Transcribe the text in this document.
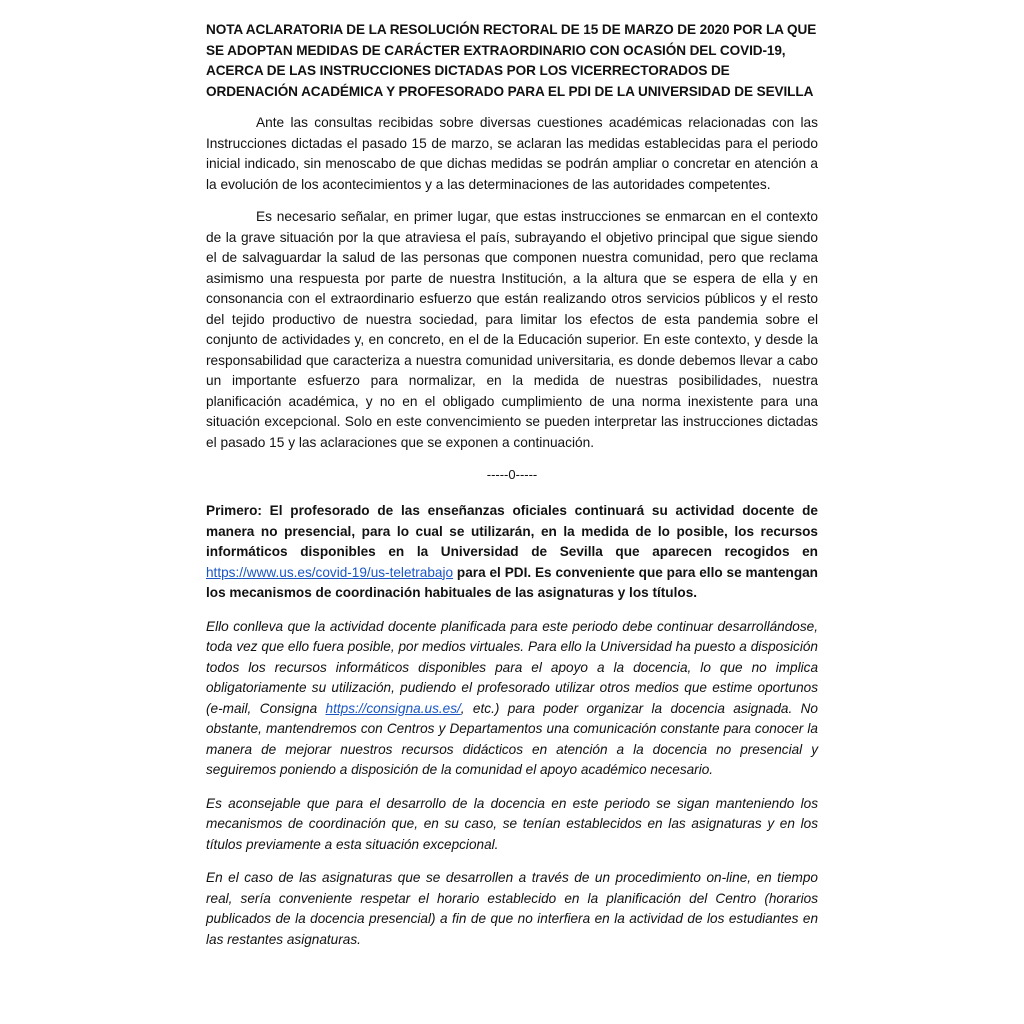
NOTA ACLARATORIA DE LA RESOLUCIÓN RECTORAL DE 15 DE MARZO DE 2020 POR LA QUE SE ADOPTAN MEDIDAS DE CARÁCTER EXTRAORDINARIO CON OCASIÓN DEL COVID-19, ACERCA DE LAS INSTRUCCIONES DICTADAS POR LOS VICERRECTORADOS DE ORDENACIÓN ACADÉMICA Y PROFESORADO PARA EL PDI DE LA UNIVERSIDAD DE SEVILLA

Ante las consultas recibidas sobre diversas cuestiones académicas relacionadas con las Instrucciones dictadas el pasado 15 de marzo, se aclaran las medidas establecidas para el periodo inicial indicado, sin menoscabo de que dichas medidas se podrán ampliar o concretar en atención a la evolución de los acontecimientos y a las determinaciones de las autoridades competentes.

Es necesario señalar, en primer lugar, que estas instrucciones se enmarcan en el contexto de la grave situación por la que atraviesa el país, subrayando el objetivo principal que sigue siendo el de salvaguardar la salud de las personas que componen nuestra comunidad, pero que reclama asimismo una respuesta por parte de nuestra Institución, a la altura que se espera de ella y en consonancia con el extraordinario esfuerzo que están realizando otros servicios públicos y el resto del tejido productivo de nuestra sociedad, para limitar los efectos de esta pandemia sobre el conjunto de actividades y, en concreto, en el de la Educación superior. En este contexto, y desde la responsabilidad que caracteriza a nuestra comunidad universitaria, es donde debemos llevar a cabo un importante esfuerzo para normalizar, en la medida de nuestras posibilidades, nuestra planificación académica, y no en el obligado cumplimiento de una norma inexistente para una situación excepcional. Solo en este convencimiento se pueden interpretar las instrucciones dictadas el pasado 15 y las aclaraciones que se exponen a continuación.

-----0-----

Primero: El profesorado de las enseñanzas oficiales continuará su actividad docente de manera no presencial, para lo cual se utilizarán, en la medida de lo posible, los recursos informáticos disponibles en la Universidad de Sevilla que aparecen recogidos en https://www.us.es/covid-19/us-teletrabajo para el PDI. Es conveniente que para ello se mantengan los mecanismos de coordinación habituales de las asignaturas y los títulos.

Ello conlleva que la actividad docente planificada para este periodo debe continuar desarrollándose, toda vez que ello fuera posible, por medios virtuales. Para ello la Universidad ha puesto a disposición todos los recursos informáticos disponibles para el apoyo a la docencia, lo que no implica obligatoriamente su utilización, pudiendo el profesorado utilizar otros medios que estime oportunos (e-mail, Consigna https://consigna.us.es/, etc.) para poder organizar la docencia asignada. No obstante, mantendremos con Centros y Departamentos una comunicación constante para conocer la manera de mejorar nuestros recursos didácticos en atención a la docencia no presencial y seguiremos poniendo a disposición de la comunidad el apoyo académico necesario.

Es aconsejable que para el desarrollo de la docencia en este periodo se sigan manteniendo los mecanismos de coordinación que, en su caso, se tenían establecidos en las asignaturas y en los títulos previamente a esta situación excepcional.

En el caso de las asignaturas que se desarrollen a través de un procedimiento on-line, en tiempo real, sería conveniente respetar el horario establecido en la planificación del Centro (horarios publicados de la docencia presencial) a fin de que no interfiera en la actividad de los estudiantes en las restantes asignaturas.
